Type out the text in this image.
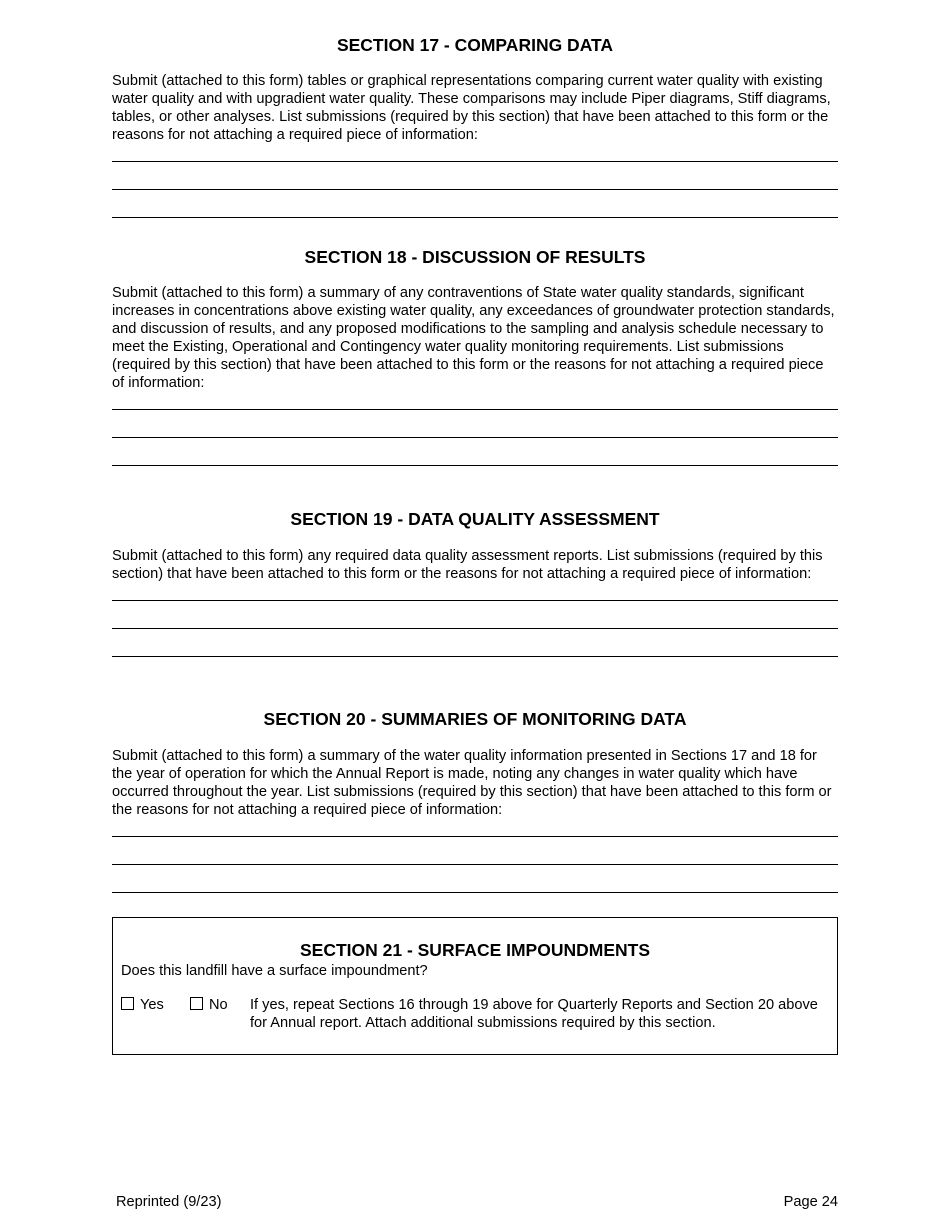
SECTION 17 - COMPARING DATA

Submit (attached to this form) tables or graphical representations comparing current water quality with existing water quality and with upgradient water quality. These comparisons may include Piper diagrams, Stiff diagrams, tables, or other analyses. List submissions (required by this section) that have been attached to this form or the reasons for not attaching a required piece of information:

SECTION 18 - DISCUSSION OF RESULTS

Submit (attached to this form) a summary of any contraventions of State water quality standards, significant increases in concentrations above existing water quality, any exceedances of groundwater protection standards, and discussion of results, and any proposed modifications to the sampling and analysis schedule necessary to meet the Existing, Operational and Contingency water quality monitoring requirements. List submissions (required by this section) that have been attached to this form or the reasons for not attaching a required piece of information:

SECTION 19 - DATA QUALITY ASSESSMENT

Submit (attached to this form) any required data quality assessment reports. List submissions (required by this section) that have been attached to this form or the reasons for not attaching a required piece of information:

SECTION 20 - SUMMARIES OF MONITORING DATA

Submit (attached to this form) a summary of the water quality information presented in Sections 17 and 18 for the year of operation for which the Annual Report is made, noting any changes in water quality which have occurred throughout the year. List submissions (required by this section) that have been attached to this form or the reasons for not attaching a required piece of information:

SECTION 21 - SURFACE IMPOUNDMENTS

Does this landfill have a surface impoundment?

Yes	No If yes, repeat Sections 16 through 19 above for Quarterly Reports and Section 20 above for Annual report. Attach additional submissions required by this section.

Reprinted (9/23)	Page 24
